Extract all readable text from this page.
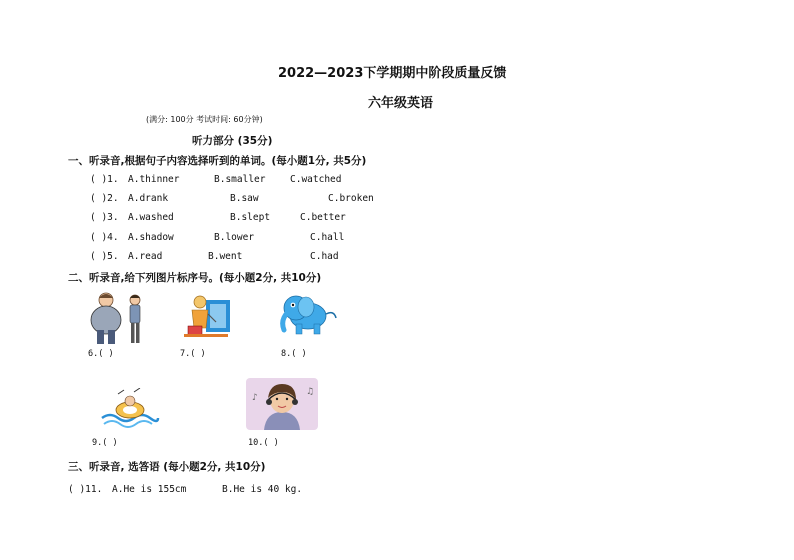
2022—2023下学期期中阶段质量反馈
六年级英语
(满分: 100分 考试时间: 60分钟)
听力部分 (35分)
一、听录音,根据句子内容选择听到的单词。(每小题1分, 共5分)
( )1. A.thinner	B.smaller	C.watched
( )2. A.drank	B.saw	C.broken
( )3. A.washed	B.slept	C.better
( )4. A.shadow	B.lower	C.hall
( )5. A.read	B.went	C.had
二、听录音,给下列图片标序号。(每小题2分, 共10分)
6.( )	7.( )	8.( )
♪
♫
9.( )	10.( )
三、听录音, 选答语 (每小题2分, 共10分)
( )11. A.He is 155cm	B.He is 40 kg.
